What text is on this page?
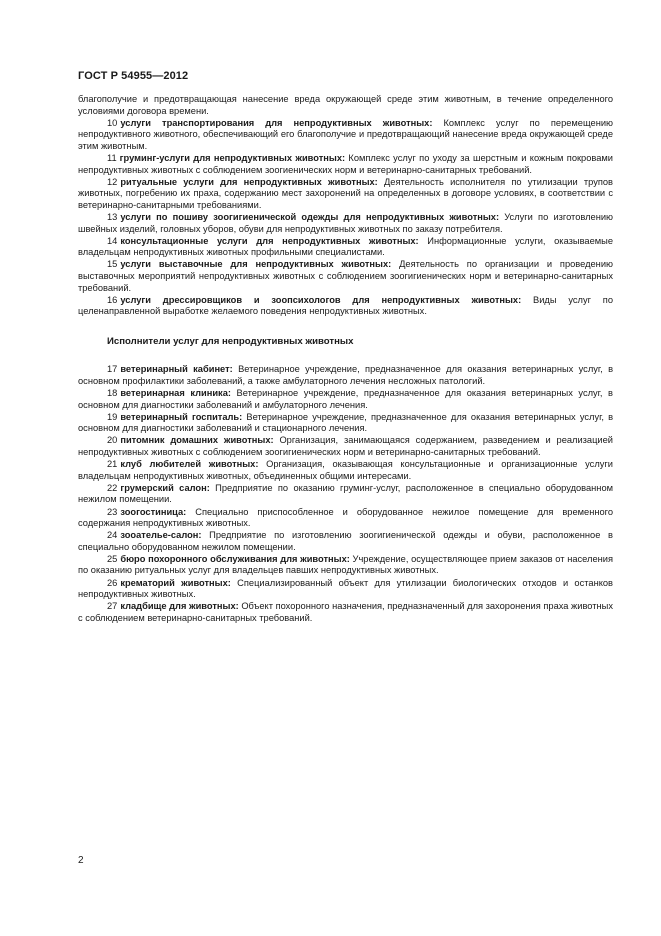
ГОСТ Р 54955—2012

благополучие и предотвращающая нанесение вреда окружающей среде этим животным, в течение определенного условиями договора времени.

10 услуги транспортирования для непродуктивных животных: Комплекс услуг по перемещению непродуктивного животного, обеспечивающий его благополучие и предотвращающий нанесение вреда окружающей среде этим животным.

11 груминг-услуги для непродуктивных животных: Комплекс услуг по уходу за шерстным и кожным покровами непродуктивных животных с соблюдением зоогиенических норм и ветеринарно-санитарных требований.

12 ритуальные услуги для непродуктивных животных: Деятельность исполнителя по утилизации трупов животных, погребению их праха, содержанию мест захоронений на определенных в договоре условиях, в соответствии с ветеринарно-санитарными требованиями.

13 услуги по пошиву зоогигиенической одежды для непродуктивных животных: Услуги по изготовлению швейных изделий, головных уборов, обуви для непродуктивных животных по заказу потребителя.

14 консультационные услуги для непродуктивных животных: Информационные услуги, оказываемые владельцам непродуктивных животных профильными специалистами.

15 услуги выставочные для непродуктивных животных: Деятельность по организации и проведению выставочных мероприятий непродуктивных животных с соблюдением зоогигиенических норм и ветеринарно-санитарных требований.

16 услуги дрессировщиков и зоопсихологов для непродуктивных животных: Виды услуг по целенаправленной выработке желаемого поведения непродуктивных животных.

Исполнители услуг для непродуктивных животных

17 ветеринарный кабинет: Ветеринарное учреждение, предназначенное для оказания ветеринарных услуг, в основном профилактики заболеваний, а также амбулаторного лечения несложных патологий.

18 ветеринарная клиника: Ветеринарное учреждение, предназначенное для оказания ветеринарных услуг, в основном для диагностики заболеваний и амбулаторного лечения.

19 ветеринарный госпиталь: Ветеринарное учреждение, предназначенное для оказания ветеринарных услуг, в основном для диагностики заболеваний и стационарного лечения.

20 питомник домашних животных: Организация, занимающаяся содержанием, разведением и реализацией непродуктивных животных с соблюдением зоогигиенических норм и ветеринарно-санитарных требований.

21 клуб любителей животных: Организация, оказывающая консультационные и организационные услуги владельцам непродуктивных животных, объединенных общими интересами.

22 грумерский салон: Предприятие по оказанию груминг-услуг, расположенное в специально оборудованном нежилом помещении.

23 зоогостиница: Специально приспособленное и оборудованное нежилое помещение для временного содержания непродуктивных животных.

24 зооателье-салон: Предприятие по изготовлению зоогигиенической одежды и обуви, расположенное в специально оборудованном нежилом помещении.

25 бюро похоронного обслуживания для животных: Учреждение, осуществляющее прием заказов от населения по оказанию ритуальных услуг для владельцев павших непродуктивных животных.

26 крематорий животных: Специализированный объект для утилизации биологических отходов и останков непродуктивных животных.

27 кладбище для животных: Объект похоронного назначения, предназначенный для захоронения праха животных с соблюдением ветеринарно-санитарных требований.

2
